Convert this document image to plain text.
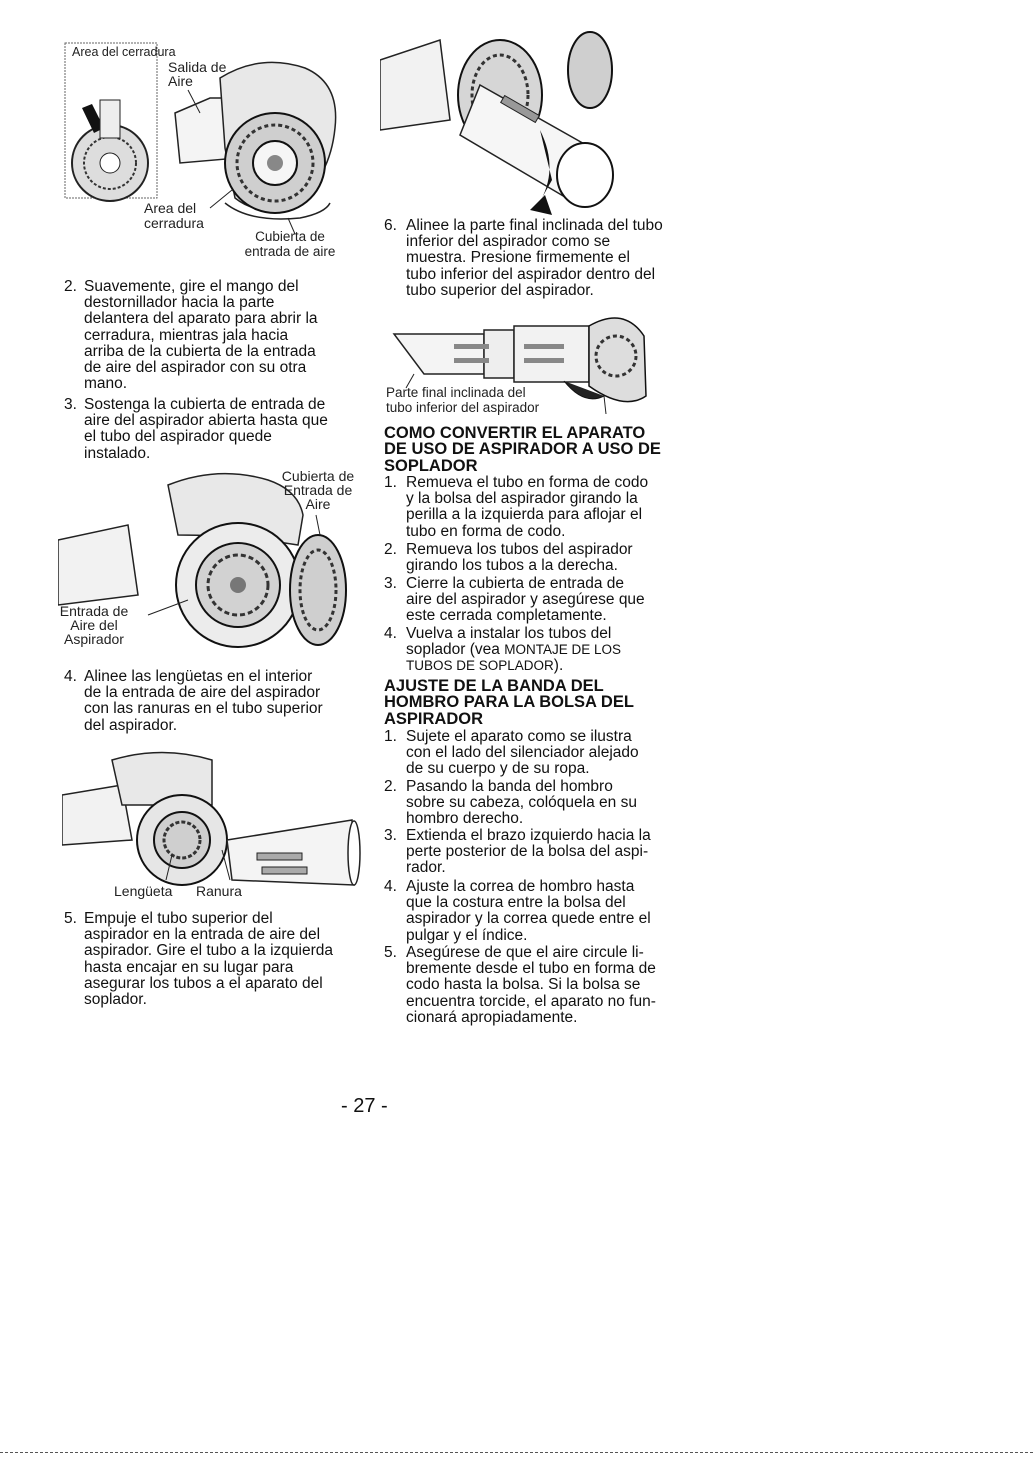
Area del cerradura
Salida de Aire
Area del cerradura
Cubierta de entrada de aire
2. Suavemente, gire el mango del
destornillador hacia la parte
delantera del aparato para abrir la
cerradura, mientras jala hacia
arriba de la cubierta de la entrada
de aire del aspirador con su otra
mano.
3. Sostenga la cubierta de entrada de
aire del aspirador abierta hasta que
el tubo del aspirador quede
instalado.
Cubierta de Entrada de Aire
Entrada de Aire del Aspirador
4. Alinee las lengüetas en el interior
de la entrada de aire del aspirador
con las ranuras en el tubo superior
del aspirador.
Lengüeta Ranura
5. Empuje el tubo superior del
aspirador en la entrada de aire del
aspirador. Gire el tubo a la izquierda
hasta encajar en su lugar para
asegurar los tubos a el aparato del
soplador.
6. Alinee la parte final inclinada del tubo
inferior del aspirador como se
muestra. Presione firmemente el
tubo inferior del aspirador dentro del
tubo superior del aspirador.
Parte final inclinada del
tubo inferior del aspirador
COMO CONVERTIR EL APARATO
DE USO DE ASPIRADOR A USO DE
SOPLADOR
1. Remueva el tubo en forma de codo
y la bolsa del aspirador girando la
perilla a la izquierda para aflojar el
tubo en forma de codo.
2. Remueva los tubos del aspirador
girando los tubos a la derecha.
3. Cierre la cubierta de entrada de
aire del aspirador y asegúrese que
este cerrada completamente.
4. Vuelva a instalar los tubos del
soplador (vea MONTAJE DE LOS
TUBOS DE SOPLADOR).
AJUSTE DE LA BANDA DEL
HOMBRO PARA LA BOLSA DEL
ASPIRADOR
1. Sujete el aparato como se ilustra
con el lado del silenciador alejado
de su cuerpo y de su ropa.
2. Pasando la banda del hombro
sobre su cabeza, colóquela en su
hombro derecho.
3. Extienda el brazo izquierdo hacia la
perte posterior de la bolsa del aspi-
rador.
4. Ajuste la correa de hombro hasta
que la costura entre la bolsa del
aspirador y la correa quede entre el
pulgar y el índice.
5. Asegúrese de que el aire circule li-
bremente desde el tubo en forma de
codo hasta la bolsa. Si la bolsa se
encuentra torcide, el aparato no fun-
cionará apropiadamente.
- 27 -
